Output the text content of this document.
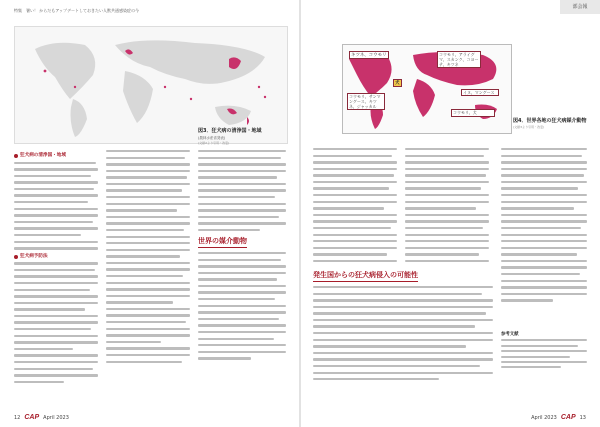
特集　暑い！ からだもアップデートしておきたい人獣共通感染症の今
図3．狂犬病の清浄国・地域
(農林水産省発表)
(文献2より引用・改変)
狂犬病の清浄国・地域
狂犬病予防法
世界の媒介動物
12 CAP April 2023
部会報
キツネ、コウモリ	コウモリ、アライグマ、スカンク、コヨーテ、キツネ
犬
コウモリ、サンマングース、キツネ、ジャッカル
イヌ、マングース
コウモリ、犬
図4．世界各地の狂犬病媒介動物
(文献3より引用・改変)
発生国からの狂犬病侵入の可能性
参考文献
April 2023 CAP 13
